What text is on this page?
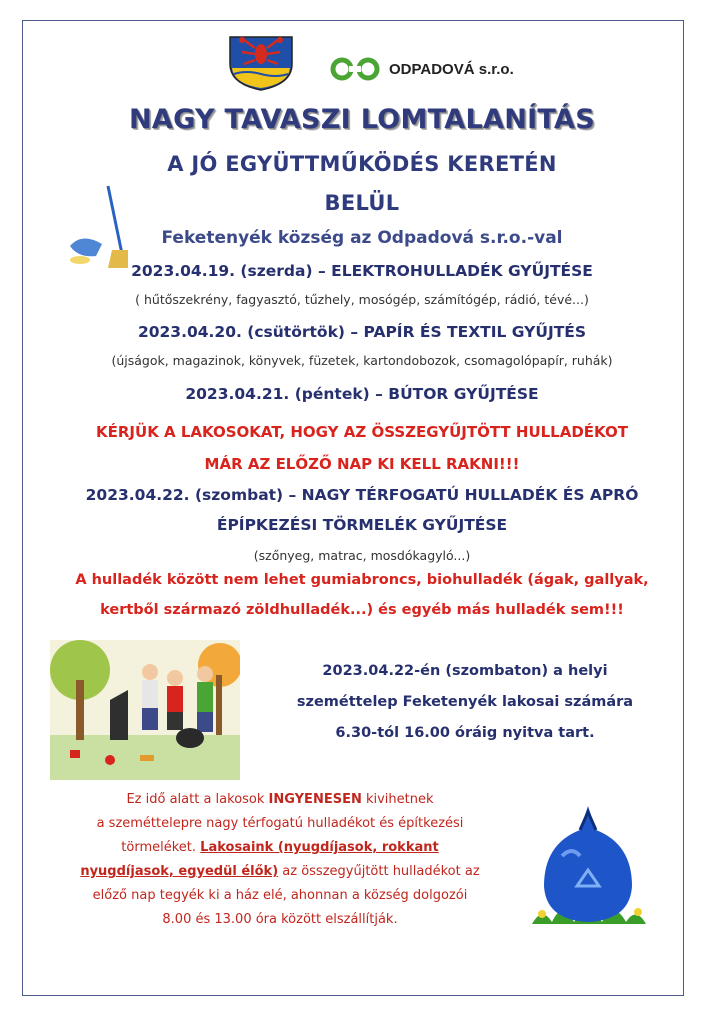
ODPADOVÁ s.r.o.
NAGY TAVASZI LOMTALANÍTÁS
A JÓ EGYÜTTMŰKÖDÉS KERETÉN
BELÜL
Feketenyék község az Odpadová s.r.o.-val
2023.04.19. (szerda) – ELEKTROHULLADÉK GYŰJTÉSE
( hűtőszekrény, fagyasztó, tűzhely, mosógép, számítógép, rádió, tévé...)
2023.04.20. (csütörtök) – PAPÍR ÉS TEXTIL GYŰJTÉS
(újságok, magazinok, könyvek, füzetek, kartondobozok, csomagolópapír, ruhák)
2023.04.21. (péntek) – BÚTOR GYŰJTÉSE
KÉRJÜK A LAKOSOKAT, HOGY AZ ÖSSZEGYŰJTÖTT HULLADÉKOT
MÁR AZ ELŐZŐ NAP KI KELL RAKNI!!!
2023.04.22. (szombat) – NAGY TÉRFOGATÚ HULLADÉK ÉS APRÓ
ÉPÍPKEZÉSI TÖRMELÉK GYŰJTÉSE
(szőnyeg, matrac, mosdókagyló...)
A hulladék között nem lehet gumiabroncs, biohulladék (ágak, gallyak,
kertből származó zöldhulladék...) és egyéb más hulladék sem!!!
2023.04.22-én (szombaton) a helyi
szeméttelep Feketenyék lakosai számára
6.30-tól 16.00 óráig nyitva tart.
Ez idő alatt a lakosok INGYENESEN kivihetnek
a szeméttelepre nagy térfogatú hulladékot és építkezési
törmeléket. Lakosaink (nyugdíjasok, rokkant
nyugdíjasok, egyedül élők) az összegyűjtött hulladékot az
előző nap tegyék ki a ház elé, ahonnan a község dolgozói
8.00 és 13.00 óra között elszállítják.
